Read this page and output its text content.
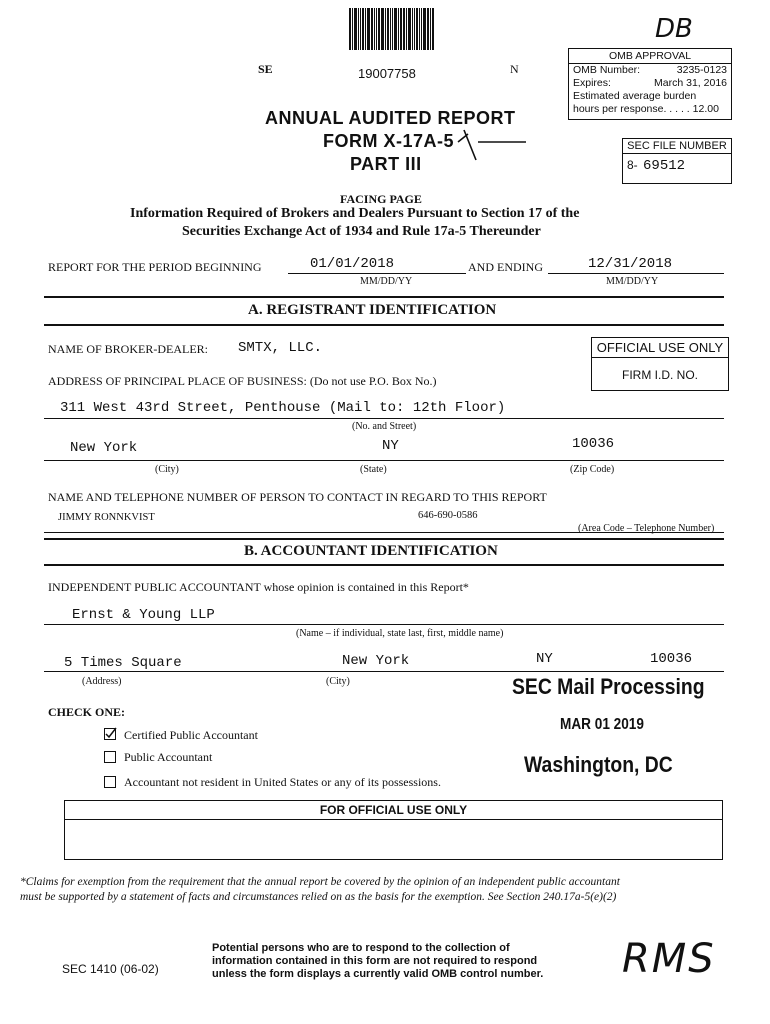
DB
SE	19007758	N
OMB APPROVAL
OMB Number:	3235-0123
Expires:	March 31, 2016
Estimated average burden
hours per response. . . . . 12.00
SEC FILE NUMBER
8- 69512
ANNUAL AUDITED REPORT
FORM X-17A-5
PART III
FACING PAGE
Information Required of Brokers and Dealers Pursuant to Section 17 of the
Securities Exchange Act of 1934 and Rule 17a-5 Thereunder
REPORT FOR THE PERIOD BEGINNING	01/01/2018	AND ENDING	12/31/2018
MM/DD/YY	MM/DD/YY
A. REGISTRANT IDENTIFICATION
NAME OF BROKER-DEALER: SMTX, LLC.	OFFICIAL USE ONLY
FIRM I.D. NO.
ADDRESS OF PRINCIPAL PLACE OF BUSINESS: (Do not use P.O. Box No.)
311 West 43rd Street, Penthouse (Mail to: 12th Floor)
(No. and Street)
New York	NY	10036
(City)	(State)	(Zip Code)
NAME AND TELEPHONE NUMBER OF PERSON TO CONTACT IN REGARD TO THIS REPORT
JIMMY RONNKVIST	646-690-0586
(Area Code – Telephone Number)
B. ACCOUNTANT IDENTIFICATION
INDEPENDENT PUBLIC ACCOUNTANT whose opinion is contained in this Report*
Ernst & Young LLP
(Name – if individual, state last, first, middle name)
5 Times Square	New York	NY	10036
(Address)	(City)	SEC Mail Processing
MAR 01 2019
Washington, DC
CHECK ONE:
Certified Public Accountant
Public Accountant
Accountant not resident in United States or any of its possessions.
FOR OFFICIAL USE ONLY
*Claims for exemption from the requirement that the annual report be covered by the opinion of an independent public accountant
must be supported by a statement of facts and circumstances relied on as the basis for the exemption. See Section 240.17a-5(e)(2)
SEC 1410 (06-02)
Potential persons who are to respond to the collection of
information contained in this form are not required to respond
unless the form displays a currently valid OMB control number. RMS
